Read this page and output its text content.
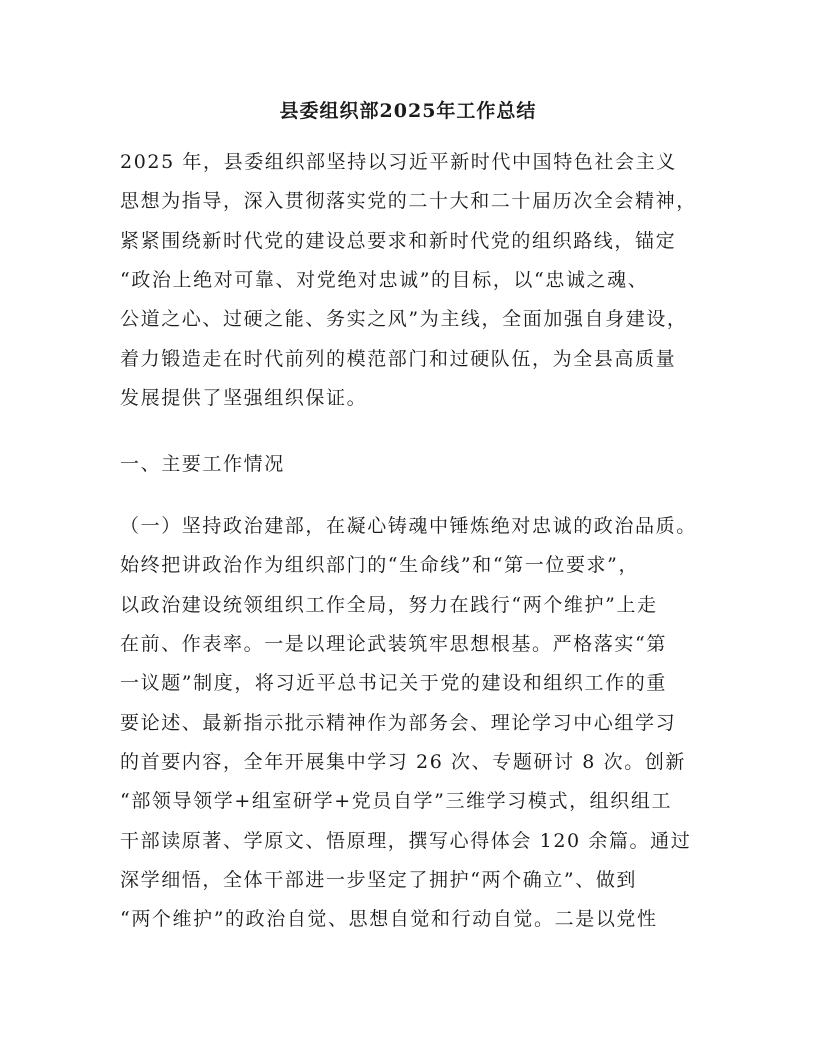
县委组织部2025年工作总结
2025 年，县委组织部坚持以习近平新时代中国特色社会主义
思想为指导，深入贯彻落实党的二十大和二十届历次全会精神，
紧紧围绕新时代党的建设总要求和新时代党的组织路线，锚定
“政治上绝对可靠、对党绝对忠诚”的目标，以“忠诚之魂、
公道之心、过硬之能、务实之风”为主线，全面加强自身建设，
着力锻造走在时代前列的模范部门和过硬队伍，为全县高质量
发展提供了坚强组织保证。
一、主要工作情况
（一）坚持政治建部，在凝心铸魂中锤炼绝对忠诚的政治品质。
始终把讲政治作为组织部门的“生命线”和“第一位要求”，
以政治建设统领组织工作全局，努力在践行“两个维护”上走
在前、作表率。一是以理论武装筑牢思想根基。严格落实“第
一议题”制度，将习近平总书记关于党的建设和组织工作的重
要论述、最新指示批示精神作为部务会、理论学习中心组学习
的首要内容，全年开展集中学习 26 次、专题研讨 8 次。创新
“部领导领学+组室研学+党员自学”三维学习模式，组织组工
干部读原著、学原文、悟原理，撰写心得体会 120 余篇。通过
深学细悟，全体干部进一步坚定了拥护“两个确立”、做到
“两个维护”的政治自觉、思想自觉和行动自觉。二是以党性
